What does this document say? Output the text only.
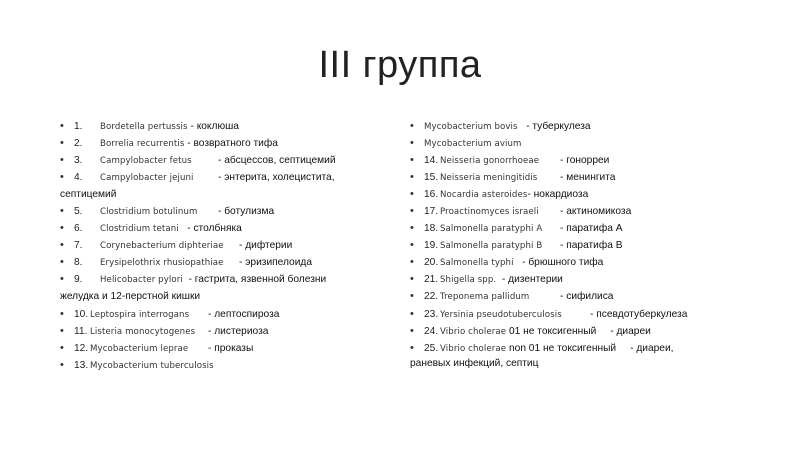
III группа
• 1. Bordetella pertussis - коклюша
• 2. Borrelia recurrentis - возвратного тифа
• 3. Campylobacter fetus	- абсцессов, септицемий
• 4. Campylobacter jejuni - энтерита, холецистита,
септицемий
• 5. Clostridium botulinum - ботулизма
• 6. Clostridium tetani - столбняка
• 7. Corynebacterium diphteriae - дифтерии
• 8. Erysipelothrix rhusiopathiae - эризипелоида
• 9. Helicobacter pylori - гастрита, язвенной болезни
желудка и 12-перстной кишки
• 10. Leptospira interrogans - лептоспироза
• 11. Listeria monocytogenes - листериоза
• 12. Mycobacterium leprae - проказы
• 13. Mycobacterium tuberculosis
• Mycobacterium bovis - туберкулеза
• Mycobacterium avium
• 14. Neisseria gonorrhoeae - гонорреи
• 15. Neisseria meningitidis - менингита
• 16. Nocardia asteroides- нокардиоза
• 17. Proactinomyces israeli - актиномикоза
• 18. Salmonella paratyphi A - паратифа А
• 19. Salmonella paratyphi B - паратифа В
• 20. Salmonella typhi - брюшного тифа
• 21. Shigella spp. - дизентерии
• 22. Treponema pallidum	- сифилиса
• 23. Yersinia pseudotuberculosis	- псевдотуберкулеза
• 24. Vibrio cholerae 01 не токсигенный - диареи
• 25. Vibrio cholerae non 01 не токсигенный - диареи,
раневых инфекций, септиц
